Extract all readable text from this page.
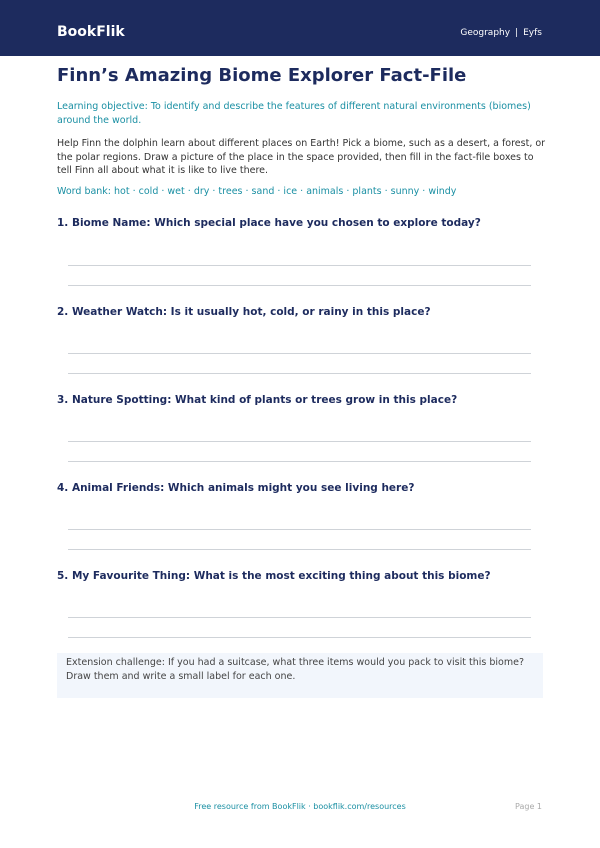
BookFlik	Geography | Eyfs
Finn’s Amazing Biome Explorer Fact-File

Learning objective: To identify and describe the features of different natural environments (biomes) around the world.

Help Finn the dolphin learn about different places on Earth! Pick a biome, such as a desert, a forest, or the polar regions. Draw a picture of the place in the space provided, then fill in the fact-file boxes to tell Finn all about what it is like to live there.

Word bank: hot · cold · wet · dry · trees · sand · ice · animals · plants · sunny · windy

1. Biome Name: Which special place have you chosen to explore today?
2. Weather Watch: Is it usually hot, cold, or rainy in this place?
3. Nature Spotting: What kind of plants or trees grow in this place?
4. Animal Friends: Which animals might you see living here?
5. My Favourite Thing: What is the most exciting thing about this biome?

Extension challenge: If you had a suitcase, what three items would you pack to visit this biome? Draw them and write a small label for each one.

Free resource from BookFlik · bookflik.com/resources	Page 1
